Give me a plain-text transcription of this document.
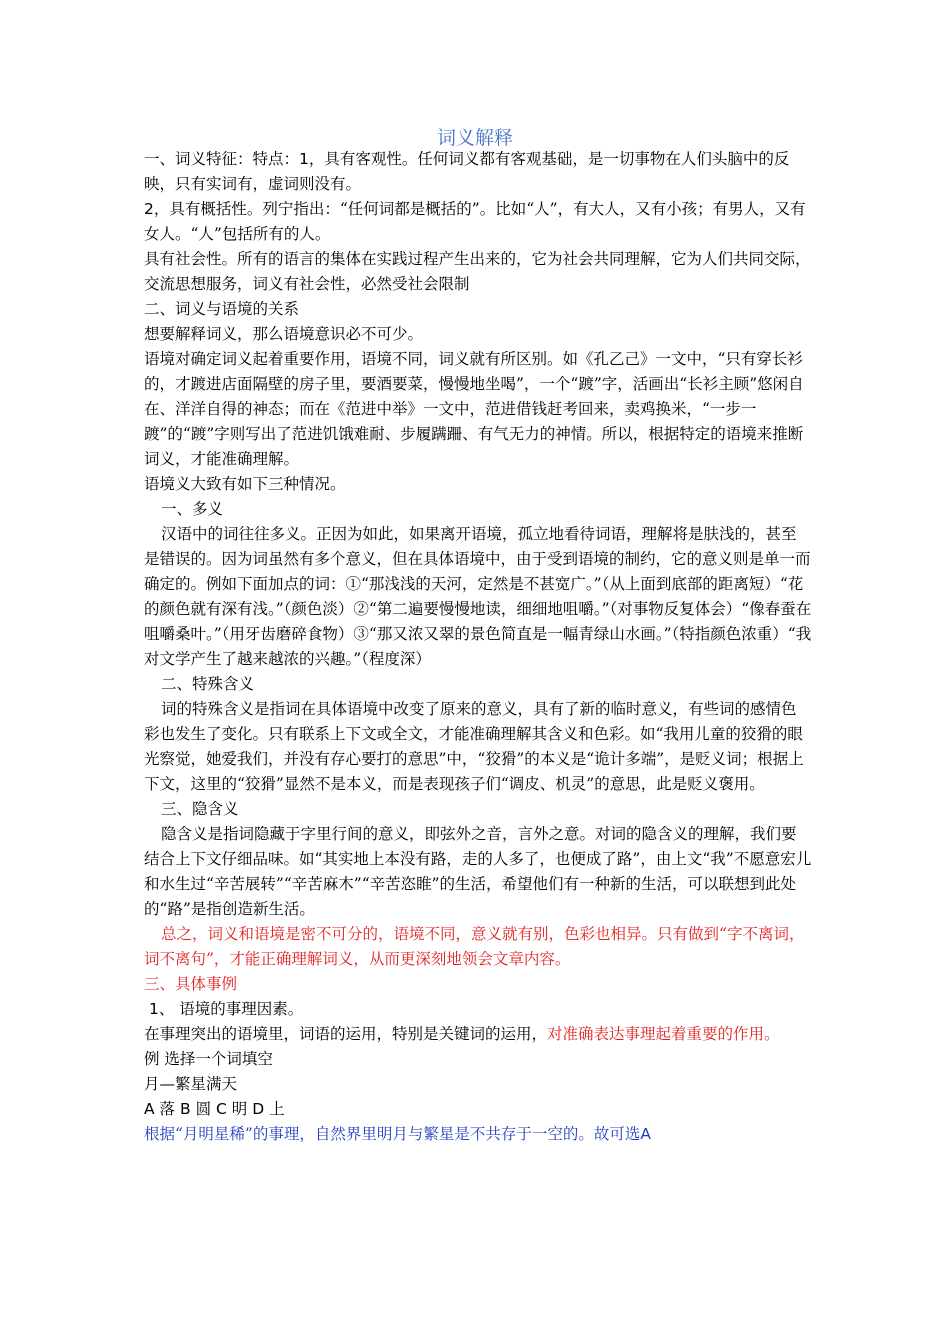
词义解释

一、词义特征：特点：1，具有客观性。任何词义都有客观基础，是一切事物在人们头脑中的反映，只有实词有，虚词则没有。

2，具有概括性。列宁指出：“任何词都是概括的”。比如“人”，有大人，又有小孩；有男人，又有女人。“人”包括所有的人。

具有社会性。所有的语言的集体在实践过程产生出来的，它为社会共同理解，它为人们共同交际，交流思想服务，词义有社会性，必然受社会限制

二、词义与语境的关系

想要解释词义，那么语境意识必不可少。

语境对确定词义起着重要作用，语境不同，词义就有所区别。如《孔乙己》一文中，“只有穿长衫的，才踱进店面隔壁的房子里，要酒要菜，慢慢地坐喝”，一个“踱”字，活画出“长衫主顾”悠闲自在、洋洋自得的神态；而在《范进中举》一文中，范进借钱赶考回来，卖鸡换米，“一步一踱”的“踱”字则写出了范进饥饿难耐、步履蹒跚、有气无力的神情。所以，根据特定的语境来推断词义，才能准确理解。

语境义大致有如下三种情况。

一、多义

汉语中的词往往多义。正因为如此，如果离开语境，孤立地看待词语，理解将是肤浅的，甚至是错误的。因为词虽然有多个意义，但在具体语境中，由于受到语境的制约，它的意义则是单一而确定的。例如下面加点的词：①“那浅浅的天河，定然是不甚宽广。”（从上面到底部的距离短）“花的颜色就有深有浅。”（颜色淡）②“第二遍要慢慢地读，细细地咀嚼。”（对事物反复体会）“像春蚕在咀嚼桑叶。”（用牙齿磨碎食物）③“那又浓又翠的景色简直是一幅青绿山水画。”（特指颜色浓重）“我对文学产生了越来越浓的兴趣。”（程度深）

二、特殊含义

词的特殊含义是指词在具体语境中改变了原来的意义，具有了新的临时意义，有些词的感情色彩也发生了变化。只有联系上下文或全文，才能准确理解其含义和色彩。如“我用儿童的狡猾的眼光察觉，她爱我们，并没有存心要打的意思”中，“狡猾”的本义是“诡计多端”，是贬义词；根据上下文，这里的“狡猾”显然不是本义，而是表现孩子们“调皮、机灵”的意思，此是贬义褒用。

三、隐含义

隐含义是指词隐藏于字里行间的意义，即弦外之音，言外之意。对词的隐含义的理解，我们要结合上下文仔细品味。如“其实地上本没有路，走的人多了，也便成了路”，由上文“我”不愿意宏儿和水生过“辛苦展转”“辛苦麻木”“辛苦恣睢”的生活，希望他们有一种新的生活，可以联想到此处的“路”是指创造新生活。

总之，词义和语境是密不可分的，语境不同，意义就有别，色彩也相异。只有做到“字不离词，词不离句”，才能正确理解词义，从而更深刻地领会文章内容。

三、具体事例

1、 语境的事理因素。

在事理突出的语境里，词语的运用，特别是关键词的运用，对准确表达事理起着重要的作用。

例 选择一个词填空

月—繁星满天

A 落 B 圆 C 明 D 上

根据“月明星稀”的事理，自然界里明月与繁星是不共存于一空的。故可选A
